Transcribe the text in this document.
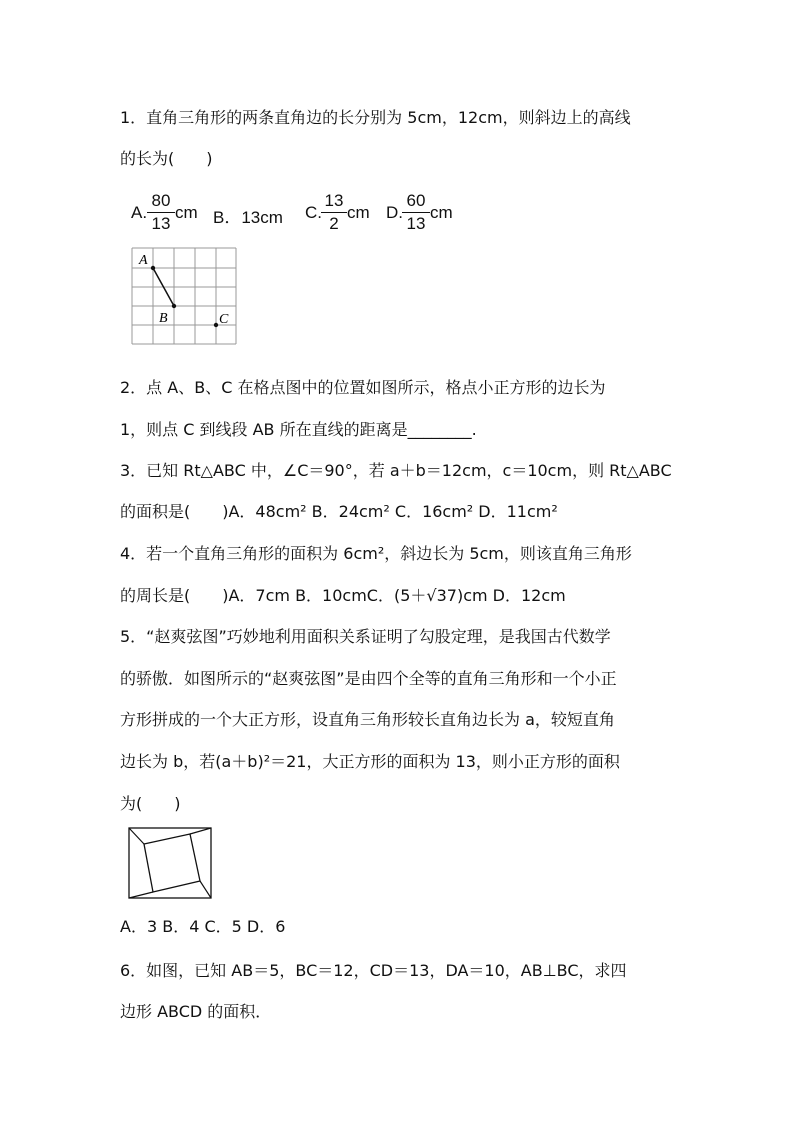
1．直角三角形的两条直角边的长分别为 5cm，12cm，则斜边上的高线
的长为(　　)
A.
80
13
cm B．13cm C.
13
2
cm D.
60
13
cm
A
B	C
2．点 A、B、C 在格点图中的位置如图所示，格点小正方形的边长为
1，则点 C 到线段 AB 所在直线的距离是________.
3．已知 Rt△ABC 中，∠C＝90°，若 a＋b＝12cm，c＝10cm，则 Rt△ABC
的面积是(　　)A．48cm² B．24cm² C．16cm² D．11cm²
4．若一个直角三角形的面积为 6cm²，斜边长为 5cm，则该直角三角形
的周长是(　　)A．7cm B．10cmC．(5＋√37)cm D．12cm
5．“赵爽弦图”巧妙地利用面积关系证明了勾股定理，是我国古代数学
的骄傲．如图所示的“赵爽弦图”是由四个全等的直角三角形和一个小正
方形拼成的一个大正方形，设直角三角形较长直角边长为 a，较短直角
边长为 b，若(a＋b)²＝21，大正方形的面积为 13，则小正方形的面积
为(　　)
A．3 B．4 C．5 D．6
6．如图，已知 AB＝5，BC＝12，CD＝13，DA＝10，AB⊥BC，求四
边形 ABCD 的面积．
